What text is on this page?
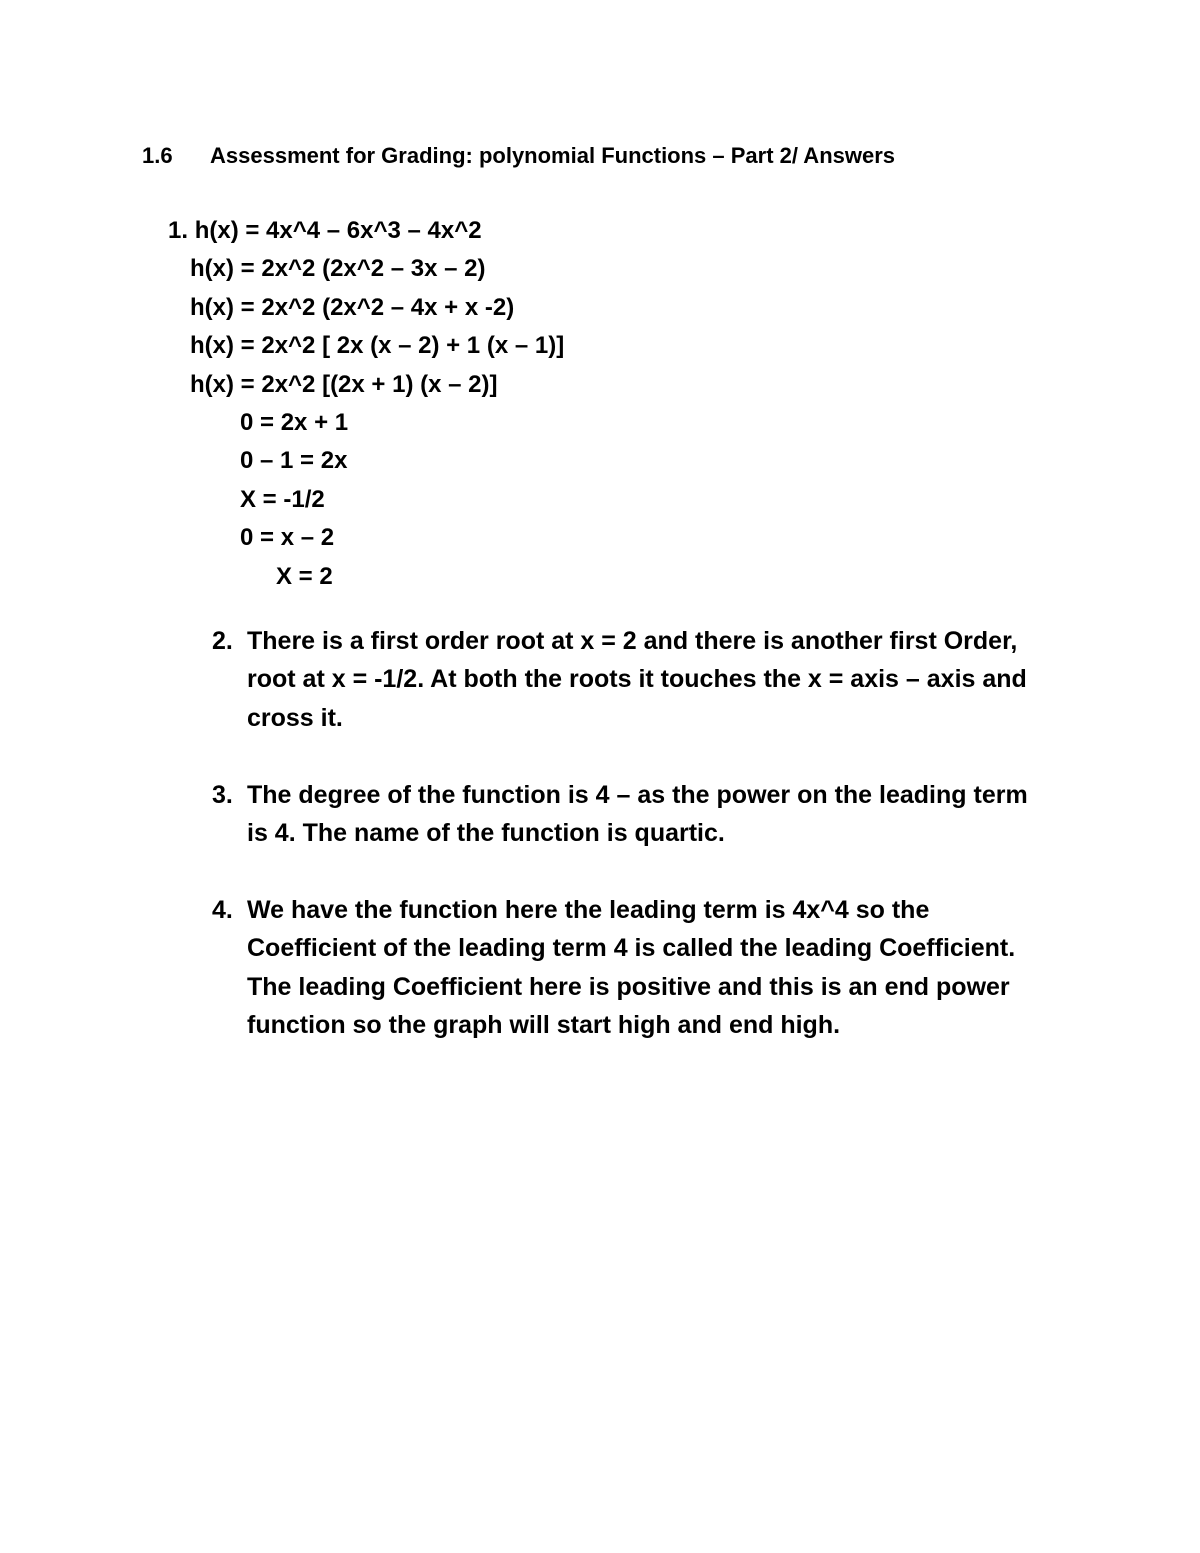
1.6 Assessment for Grading: polynomial Functions – Part 2/ Answers
1. h(x) = 4x^4 – 6x^3 – 4x^2
h(x) = 2x^2 (2x^2 – 3x – 2)
h(x) = 2x^2 (2x^2 – 4x + x -2)
h(x) = 2x^2 [ 2x (x – 2) + 1 (x – 1)]
h(x) = 2x^2 [(2x + 1) (x – 2)]
0 = 2x + 1
0 – 1 = 2x
X = -1/2
0 = x – 2
X = 2
2. There is a first order root at x = 2 and there is another first Order, root at x = -1/2. At both the roots it touches the x = axis – axis and cross it.
3. The degree of the function is 4 – as the power on the leading term is 4. The name of the function is quartic.
4. We have the function here the leading term is 4x^4 so the Coefficient of the leading term 4 is called the leading Coefficient. The leading Coefficient here is positive and this is an end power function so the graph will start high and end high.
